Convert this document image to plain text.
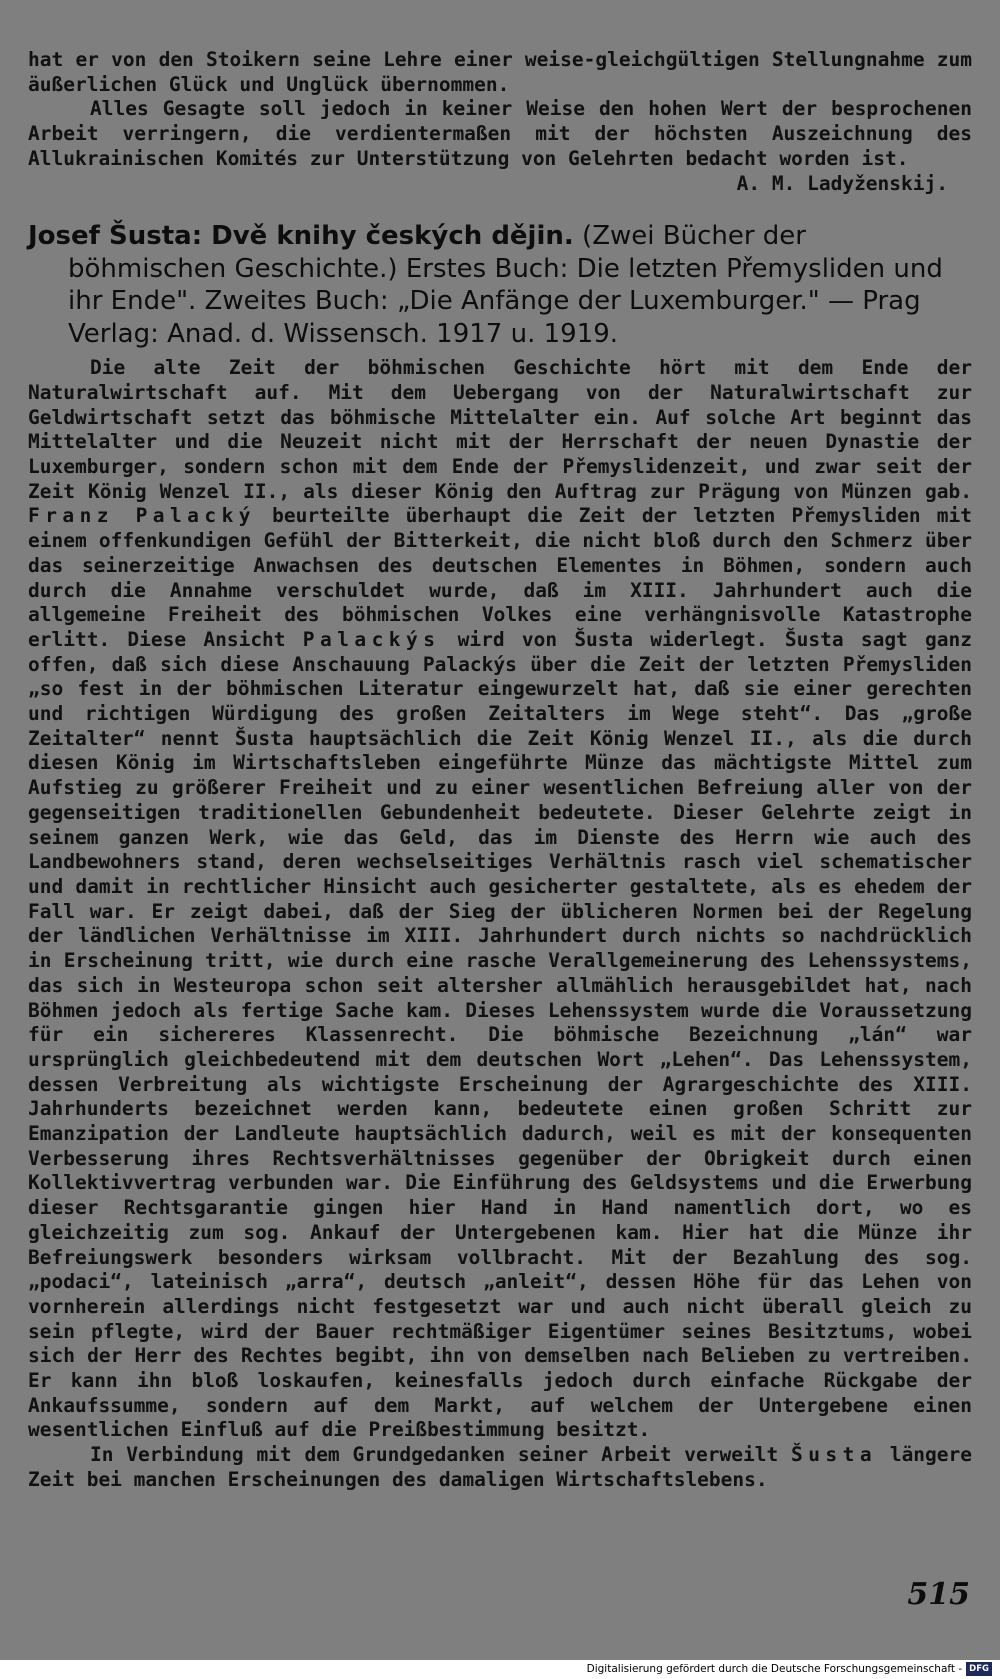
hat er von den Stoikern seine Lehre einer weise-gleichgültigen Stellungnahme zum äußerlichen Glück und Unglück übernommen.

Alles Gesagte soll jedoch in keiner Weise den hohen Wert der besprochenen Arbeit verringern, die verdientermaßen mit der höchsten Auszeichnung des Allukrainischen Komités zur Unterstützung von Gelehrten bedacht worden ist.

A. M. Ladyženskij.

Josef Šusta: Dvě knihy českých dějin. (Zwei Bücher der böhmischen Geschichte.) Erstes Buch: Die letzten Přemysliden und ihr Ende". Zweites Buch: „Die Anfänge der Luxemburger." — Prag Verlag: Anad. d. Wissensch. 1917 u. 1919.

Die alte Zeit der böhmischen Geschichte hört mit dem Ende der Naturalwirtschaft auf. Mit dem Uebergang von der Naturalwirtschaft zur Geldwirtschaft setzt das böhmische Mittelalter ein. Auf solche Art beginnt das Mittelalter und die Neuzeit nicht mit der Herrschaft der neuen Dynastie der Luxemburger, sondern schon mit dem Ende der Přemyslidenzeit, und zwar seit der Zeit König Wenzel II., als dieser König den Auftrag zur Prägung von Münzen gab. Franz Palacký beurteilte überhaupt die Zeit der letzten Přemysliden mit einem offenkundigen Gefühl der Bitterkeit, die nicht bloß durch den Schmerz über das seinerzeitige Anwachsen des deutschen Elementes in Böhmen, sondern auch durch die Annahme verschuldet wurde, daß im XIII. Jahrhundert auch die allgemeine Freiheit des böhmischen Volkes eine verhängnisvolle Katastrophe erlitt. Diese Ansicht Palackýs wird von Šusta widerlegt. Šusta sagt ganz offen, daß sich diese Anschauung Palackýs über die Zeit der letzten Přemysliden „so fest in der böhmischen Literatur eingewurzelt hat, daß sie einer gerechten und richtigen Würdigung des großen Zeitalters im Wege steht“. Das „große Zeitalter“ nennt Šusta hauptsächlich die Zeit König Wenzel II., als die durch diesen König im Wirtschaftsleben eingeführte Münze das mächtigste Mittel zum Aufstieg zu größerer Freiheit und zu einer wesentlichen Befreiung aller von der gegenseitigen traditionellen Gebundenheit bedeutete. Dieser Gelehrte zeigt in seinem ganzen Werk, wie das Geld, das im Dienste des Herrn wie auch des Landbewohners stand, deren wechselseitiges Verhältnis rasch viel schematischer und damit in rechtlicher Hinsicht auch gesicherter gestaltete, als es ehedem der Fall war. Er zeigt dabei, daß der Sieg der üblicheren Normen bei der Regelung der ländlichen Verhältnisse im XIII. Jahrhundert durch nichts so nachdrücklich in Erscheinung tritt, wie durch eine rasche Verallgemeinerung des Lehenssystems, das sich in Westeuropa schon seit altersher allmählich herausgebildet hat, nach Böhmen jedoch als fertige Sache kam. Dieses Lehenssystem wurde die Voraussetzung für ein sichereres Klassenrecht. Die böhmische Bezeichnung „lán“ war ursprünglich gleichbedeutend mit dem deutschen Wort „Lehen“. Das Lehenssystem, dessen Verbreitung als wichtigste Erscheinung der Agrargeschichte des XIII. Jahrhunderts bezeichnet werden kann, bedeutete einen großen Schritt zur Emanzipation der Landleute hauptsächlich dadurch, weil es mit der konsequenten Verbesserung ihres Rechtsverhältnisses gegenüber der Obrigkeit durch einen Kollektivvertrag verbunden war. Die Einführung des Geldsystems und die Erwerbung dieser Rechtsgarantie gingen hier Hand in Hand namentlich dort, wo es gleichzeitig zum sog. Ankauf der Untergebenen kam. Hier hat die Münze ihr Befreiungswerk besonders wirksam vollbracht. Mit der Bezahlung des sog. „podaci“, lateinisch „arra“, deutsch „anleit“, dessen Höhe für das Lehen von vornherein allerdings nicht festgesetzt war und auch nicht überall gleich zu sein pflegte, wird der Bauer rechtmäßiger Eigentümer seines Besitztums, wobei sich der Herr des Rechtes begibt, ihn von demselben nach Belieben zu vertreiben. Er kann ihn bloß loskaufen, keinesfalls jedoch durch einfache Rückgabe der Ankaufssumme, sondern auf dem Markt, auf welchem der Untergebene einen wesentlichen Einfluß auf die Preißbestimmung besitzt.

In Verbindung mit dem Grundgedanken seiner Arbeit verweilt Šusta längere Zeit bei manchen Erscheinungen des damaligen Wirtschaftslebens.

515
Digitalisierung gefördert durch die Deutsche Forschungsgemeinschaft - DFG
